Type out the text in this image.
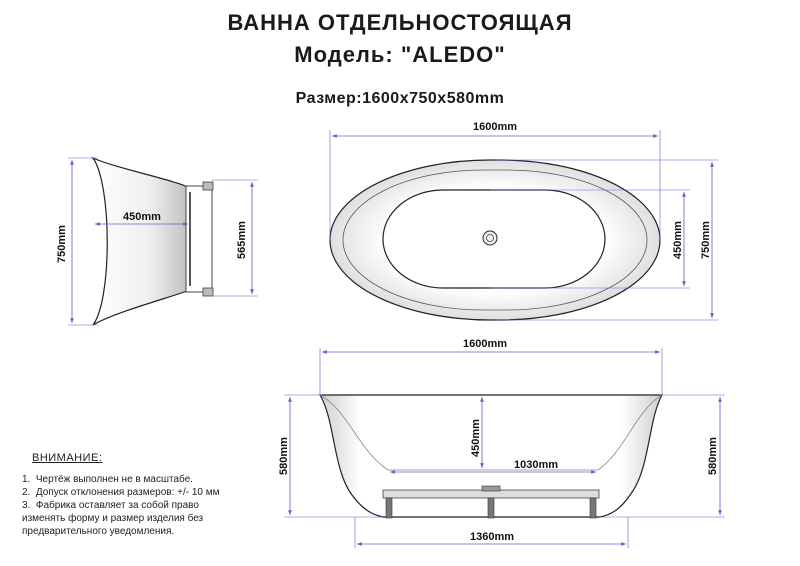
ВАННА ОТДЕЛЬНОСТОЯЩАЯ
Модель: "ALEDO"
Размер:1600x750x580mm
750mm
450mm
565mm
1600mm
450mm 750mm
1600mm
580mm	450mm
1030mm	580mm
1360mm
ВНИМАНИЕ:
1.  Чертёж выполнен не в масштабе.
2.  Допуск отклонения размеров: +/- 10 мм
3.  Фабрика оставляет за собой право
изменять форму и размер изделия без
предварительного уведомления.
